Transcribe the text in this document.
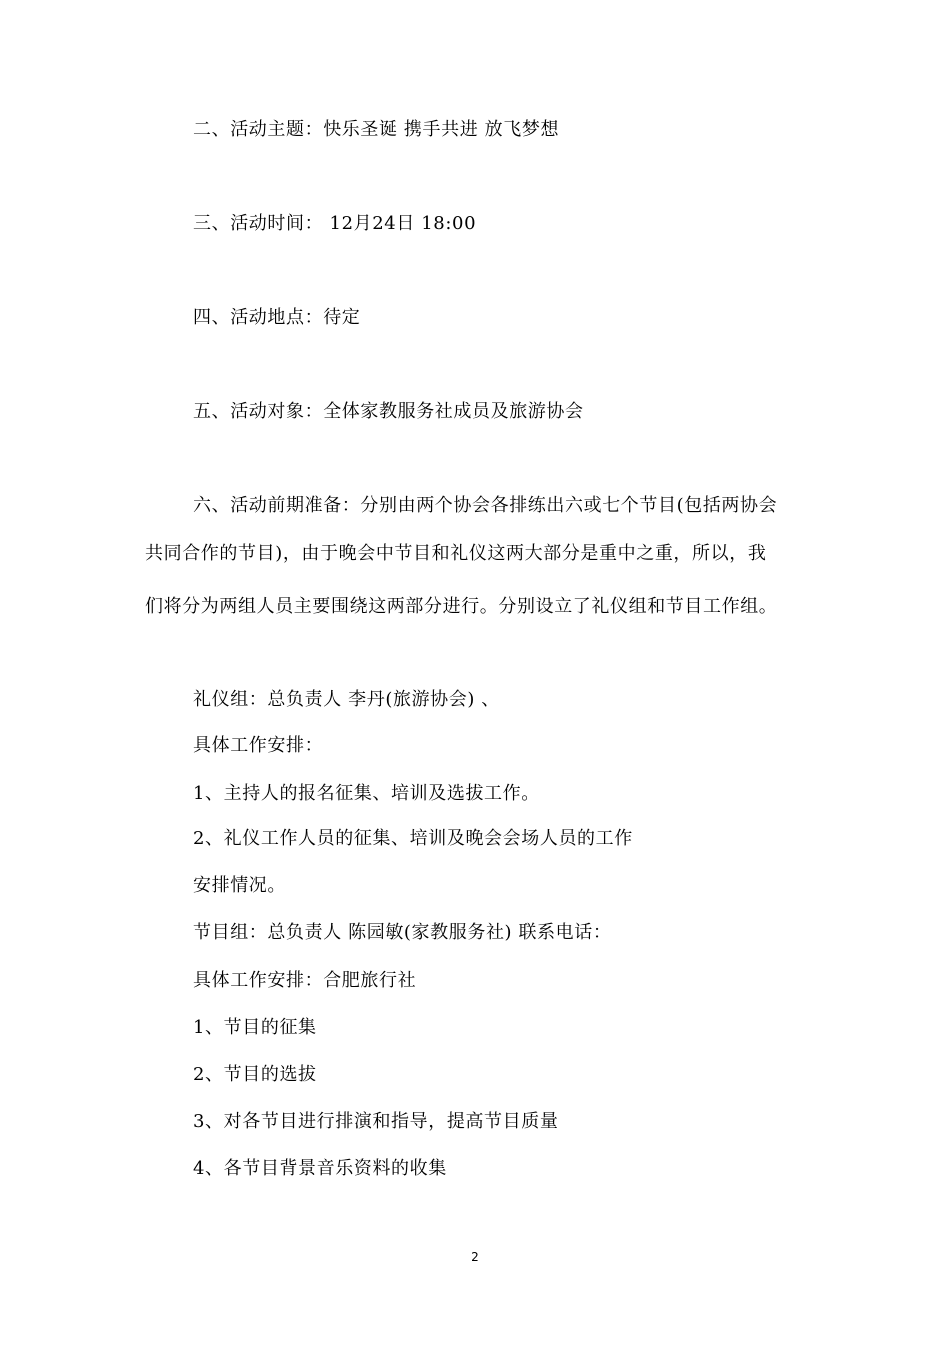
二、活动主题：快乐圣诞 携手共进 放飞梦想
三、活动时间： 12月24日 18:00
四、活动地点：待定
五、活动对象：全体家教服务社成员及旅游协会
六、活动前期准备：分别由两个协会各排练出六或七个节目(包括两协会
共同合作的节目)，由于晚会中节目和礼仪这两大部分是重中之重，所以，我
们将分为两组人员主要围绕这两部分进行。分别设立了礼仪组和节目工作组。
礼仪组：总负责人 李丹(旅游协会) 、
具体工作安排：
1、主持人的报名征集、培训及选拔工作。
2、礼仪工作人员的征集、培训及晚会会场人员的工作
安排情况。
节目组：总负责人 陈园敏(家教服务社) 联系电话：
具体工作安排：合肥旅行社
1、节目的征集
2、节目的选拔
3、对各节目进行排演和指导，提高节目质量
4、各节目背景音乐资料的收集
2
